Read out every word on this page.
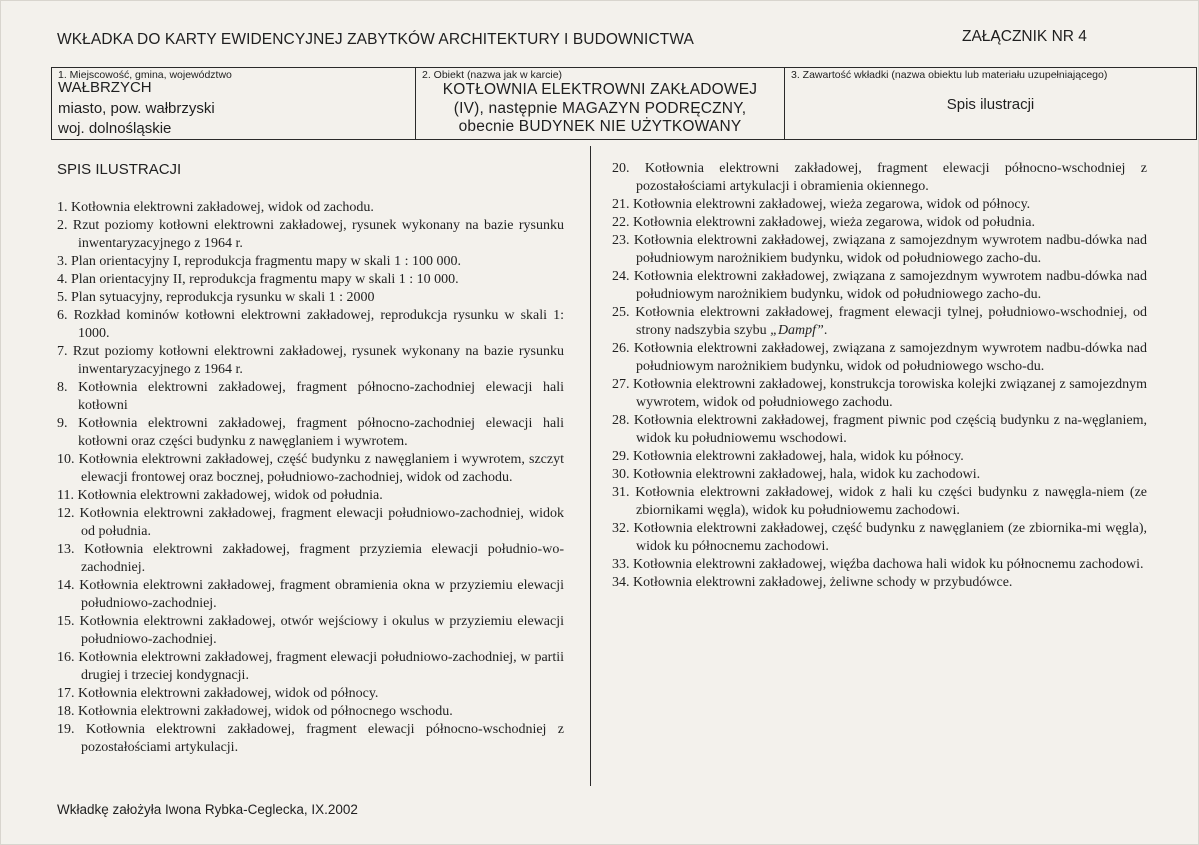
WKŁADKA DO KARTY EWIDENCYJNEJ ZABYTKÓW ARCHITEKTURY I BUDOWNICTWA	ZAŁĄCZNIK NR 4
1. Miejscowość, gmina, województwo
WAŁBRZYCH
miasto, pow. wałbrzyski
woj. dolnośląskie
2. Obiekt (nazwa jak w karcie)
KOTŁOWNIA ELEKTROWNI ZAKŁADOWEJ
(IV), następnie MAGAZYN PODRĘCZNY,
obecnie BUDYNEK NIE UŻYTKOWANY
3. Zawartość wkładki (nazwa obiektu lub materiału uzupełniającego)
Spis ilustracji
SPIS ILUSTRACJI
1. Kotłownia elektrowni zakładowej, widok od zachodu.
2. Rzut poziomy kotłowni elektrowni zakładowej, rysunek wykonany na bazie rysunku inwentaryzacyjnego z 1964 r.
3. Plan orientacyjny I, reprodukcja fragmentu mapy w skali 1 : 100 000.
4. Plan orientacyjny II, reprodukcja fragmentu mapy w skali 1 : 10 000.
5. Plan sytuacyjny, reprodukcja rysunku w skali 1 : 2000
6. Rozkład kominów kotłowni elektrowni zakładowej, reprodukcja rysunku w skali 1: 1000.
7. Rzut poziomy kotłowni elektrowni zakładowej, rysunek wykonany na bazie rysunku inwentaryzacyjnego z 1964 r.
8. Kotłownia elektrowni zakładowej, fragment północno-zachodniej elewacji hali kotłowni
9. Kotłownia elektrowni zakładowej, fragment północno-zachodniej elewacji hali kotłowni oraz części budynku z nawęglaniem i wywrotem.
10. Kotłownia elektrowni zakładowej, część budynku z nawęglaniem i wywrotem, szczyt elewacji frontowej oraz bocznej, południowo-zachodniej, widok od zachodu.
11. Kotłownia elektrowni zakładowej, widok od południa.
12. Kotłownia elektrowni zakładowej, fragment elewacji południowo-zachodniej, widok od południa.
13. Kotłownia elektrowni zakładowej, fragment przyziemia elewacji południo-wo-zachodniej.
14. Kotłownia elektrowni zakładowej, fragment obramienia okna w przyziemiu elewacji południowo-zachodniej.
15. Kotłownia elektrowni zakładowej, otwór wejściowy i okulus w przyziemiu elewacji południowo-zachodniej.
16. Kotłownia elektrowni zakładowej, fragment elewacji południowo-zachodniej, w partii drugiej i trzeciej kondygnacji.
17. Kotłownia elektrowni zakładowej, widok od północy.
18. Kotłownia elektrowni zakładowej, widok od północnego wschodu.
19. Kotłownia elektrowni zakładowej, fragment elewacji północno-wschodniej z pozostałościami artykulacji.
20. Kotłownia elektrowni zakładowej, fragment elewacji północno-wschodniej z pozostałościami artykulacji i obramienia okiennego.
21. Kotłownia elektrowni zakładowej, wieża zegarowa, widok od północy.
22. Kotłownia elektrowni zakładowej, wieża zegarowa, widok od południa.
23. Kotłownia elektrowni zakładowej, związana z samojezdnym wywrotem nadbu-dówka nad południowym narożnikiem budynku, widok od południowego zacho-du.
24. Kotłownia elektrowni zakładowej, związana z samojezdnym wywrotem nadbu-dówka nad południowym narożnikiem budynku, widok od południowego zacho-du.
25. Kotłownia elektrowni zakładowej, fragment elewacji tylnej, południowo-wschodniej, od strony nadszybia szybu „Dampf”.
26. Kotłownia elektrowni zakładowej, związana z samojezdnym wywrotem nadbu-dówka nad południowym narożnikiem budynku, widok od południowego wscho-du.
27. Kotłownia elektrowni zakładowej, konstrukcja torowiska kolejki związanej z samojezdnym wywrotem, widok od południowego zachodu.
28. Kotłownia elektrowni zakładowej, fragment piwnic pod częścią budynku z na-węglaniem, widok ku południowemu wschodowi.
29. Kotłownia elektrowni zakładowej, hala, widok ku północy.
30. Kotłownia elektrowni zakładowej, hala, widok ku zachodowi.
31. Kotłownia elektrowni zakładowej, widok z hali ku części budynku z nawęgla-niem (ze zbiornikami węgla), widok ku południowemu zachodowi.
32. Kotłownia elektrowni zakładowej, część budynku z nawęglaniem (ze zbiornika-mi węgla), widok ku północnemu zachodowi.
33. Kotłownia elektrowni zakładowej, więźba dachowa hali widok ku północnemu zachodowi.
34. Kotłownia elektrowni zakładowej, żeliwne schody w przybudówce.
Wkładkę założyła Iwona Rybka-Ceglecka, IX.2002
